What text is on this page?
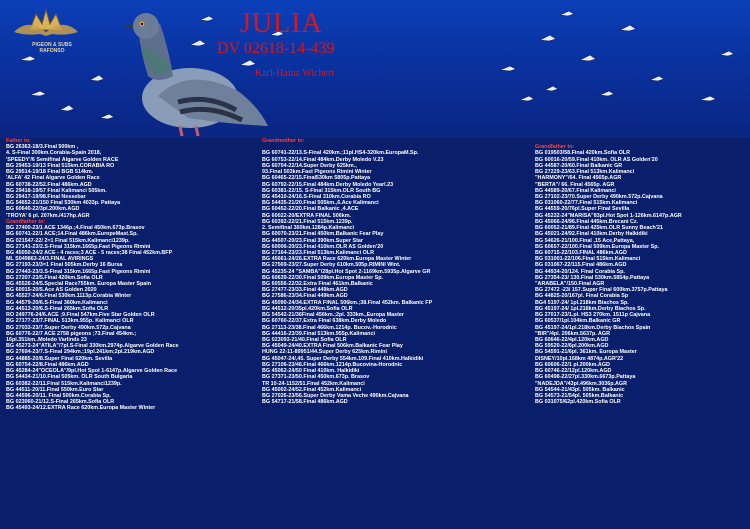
PIGEON & SUBS
RAFONSO
JULIA
DV 02618-14-439
Karl-Hainz Wichert
Father to:
BG 26363-18/3.Final 500km ,
4. S-Final 300km.Corabia-Spain 2018,
'SPEEDY'/6 Semifinal Algarve Golden RACE
BG 29453-19/13 Final 515km.CORABIA RO
BG 29514-19/18 Final BGB 514km.
'ALFA' 42 Final Algarve Golden Race
BG 60738-22/52.Final 486km.AGD
BG 29418-19/57 Final Kalimanci 505km.
BG 29417-19/98.Final Nessebar
BG 54652-21/150 Final 530km 4033p. Pattaya
BG 60640-22/3pl.200km.AGD
'TROYA' 6 pl. 207km./417hp.AGR
Grandfather to:
BG 27400-23/1 ACE 1346p.;4.Final 450km.673p.Brasov
BG 60741-22/1 ACE;14.Final 486km.EuropeMast.Sp.
BG 021547-22/ 2=1 Final 515km.Kalimanci1239p.
BG 27141-23/2.S-Final 315km.1665p.Fast Pigeons Rimini
BG 45050-24/2 ACE - 4 races;3 ACE - 5 races;38 Final 452km.BFP
ML S049863-24/3.FINAL AVIRINGS
BG 27193-23/3=1 Final 505km.Derby 16 Bursa
BG 27443-23/3.S-Final 315km.1665p.Fast Pigeons Rimini
BG 27207-23/5.Final 420km.Sofia OLR
BG 45526-24/5.Special Race755km. Europa Master Spain
BG 60015-20/5.Ace AS Golden 2020
BG 45527-24/6.Final 530km.1113p.Corabia Winter
BG 44579-20/6.S-Final 360km.Kalimanci
BG 44513-20/6.S-Final 265km.Sofia OLR
RO 249776-24/6.ACE ;9.Final 547km.Five Star Golden OLR
BG 27177-23/7.FINAL 513km.955p. Kalimanci OLR
BG 27033-23/7.Super Derby 490km.572p.Cajvana
BG 60776-22/7 ACE 2758 pigeons ;73.Final 454km.;
16pl.351km..Moledo Varlinds 23
BG 45273-24"ATILA"/7pl.S-Final 330km.2974p.Algarve Golden Race
BG 27694-23/7.S-Final 294km.;19pl.241km;2pl.219km.AGD
BG 44885-20/8.Super Final 620km. Sevilla
BG 60754-22/8.Final 486km.AGD
BG 45284-24"OCEOLA"/9pl.Hot Spot 1-6147p.Algarve Golden Race
BG 54434-21/10.Final 505km. OLR South Bulgaria
BG 60382-22/11.Final 515km.Kalimanci1239p.
BG 44511-20/11.Final 550km.Euro Star
BG 44596-20/11. Final 500km.Corabia Sp.
BG 023060-21/12.S-Final 265km.Sofia OLR
BG 45493-24/12.EXTRA Race 620km.Europa Master Winter
Grandmother to:
BG 60741-22/13.S-Final 420km.;11pl.HS4-320km.EuropaM.Sp.
BG 60753-22/14.Final 484km.Derby Moledo V.23
BG 60704-22/14.Super Derby 625km.,
93.Final 503km.Fast Pigeons Rimini Winter
BG 60465-22/15.Final530km 5805p.Pattaya
BG 60792-22/15.Final 484km.Derby Moledo Yearl.23
BG 60381-22/15. S-Final 315km.OLR South BG
BG 45410-24/16.S-Final 310km.Corabia RO
BG 54435-21/20.Final 505km.,6.Ace Kalimanci
BG 60452-22/20.Final Balkanic ,4.ACE
BG 60022-20/EXTRA FINAL 506km.
BG 60392-22/21.Final 515km.1239p.
2. Semifinal 360km.1284p.Kalimanci
BG 60070-23/21.Final 450km.Balkanic Fear Play
BG 44507-20/23.Final 390km.Super Star
BG 60006-20/23.Final 410km.OLR AS Golden'20
BG 27164-23/23.Final 513km.Kalimanci OLR
BG 45661-24/26.EXTRA Race 620km.Europa Master Winter
BG 27569-23/27.Super Derby 610km.505p.RIMINI Wint.
BG 45235-24 "SAMBA"/28pl.Hot Spot 2-1169km.5935p.Algarve GR
BG 60639-22/30.Final 509km.Europa Master Sp.
BG 60556-22/32.Extra Final 461km.Balkanic
BG 27477-23/33.Final 449km.AGD
BG 27586-23/34.Final 449km.AGD
BG 45090-24/34.EXTRA FINAL 506km.;38.Final 452km. Balkanic FP
BG 44512-20/35pl.420km.Sofia OLR
BG 54542-21/36Final 456km.;2pl. 333km.,Europa Master
BG 60760-22/37.Extra Final 638km.Derby Moledo
BG 27113-23/38.Final 466km.1214p. Bucov.-Horodnic
BG 44416-23/39.Final 513km.955p.Kalimanci
BG 023093-21/40.Final Sofia OLR
BG 45049-24/40.EXTRA Final 506km.Balkanic Fear Play
HUNG 22-11-89951/44.Super Derby 625km.Rimini
BG 45047-24/,45. Super Derby 554km.109.Final 410km.Halkidiki
BG 27106-23/46.Final 466km.1214p.Bucovina-Horodnic
BG 45062-24/50 Final 410km. Halkidiki
BG 27371-23/50.Final 450km.673p. Brasov
TR 10-24-1152/51.Final 452km.Kalimanci
BG 45002-24/52.Final 452km.Kalimanci
BG 27026-23/56.Super Derby Vama Veche 490km.Cajvana
BG 54717-21/58.Final 486km.AGD
Grandfather to:
BG 019503/58.Final 420km.Sofia OLR
BG 60016-20/59.Final 410km. OLR AS Golden'20
BG 44587-20/60.Final Balkanic GR
BG 27229-23/63.Final 513km.Kalimanci
"HARMONY"/64. Final 4565p.AGR
"BERTA"/ 66. Final 4565p. AGR
BG 44589-20/67.Final Kalimanci
BG 27102-23/70.Super Derby 490km.572p.Cajvana
BG 031060-22/77.Final 515km.Kalimanci
BG 44559-20/76pl.Super Final Sevilla
BG 45232-24"MARISA"83pl.Hot Spot 1-126km.6147p.AGR
BG 45066-24/96.Final 445km.Brecani Cz.
BG 60052-21/89.Final 425km.OLR Sunny Beach'21
BG 45021-24/92.Final 410km.Derby Halkidiki
BG 54626-21/100.Final ,15 Ace,Pattaya,
BG 60657-22/100.Final 509km.Europa Master Sp.
BG 60715-22/103.FINAL 486km.AGD
BG 031001-22/106.Final 515km.Kalimanci
BG 031067-22/115.Final 486km.AGD
BG 44934-20/124. Final Corabia Sp.
BG 27354-23/ 130.Final 530km.5854p.Pattaya
"ARABELA"/150.Final AGR
BG 27472 -23/ 157.Super Final 600km.3757p.Pattaya
BG 44825-20/167pl. Final Corabia Sp
BG4 5197-24/ 1pl.218km Biachos Sp.
BG 45197-24/ 1pl.218km.Derby Biachos Sp.
BG 27017-23/1.pl. HS3 270km. 1511p Cajvana
BG 60537/1pl.104km.Balkanic GR
BG 45197-24/1pl.218km.Derby Biachos Spain
"BIR"/4pl. 206km.5637p. AGR
BG 60646-22/4pl.120km.AGD
BG 59520-22/6pl.200km.AGD
BG 54591-21/6pl. 361km. Europa Master
DISNEY/10pl.168km 4874p.AGR'22
BG 60606-22/1 pl.200km.AGD
BG 60746-22/12pl.120km.AGD
BG 60498-22/27pl.330km.6673p.Pattaya
"NADEJDA"/43pl.496km.3036p.AGR
BG 54544-21/43pl. 505km. Balkanic
BG 54573-21/54pl. 505km.Balkanic
BG 031075/62pl.420km.Sofia OLR
